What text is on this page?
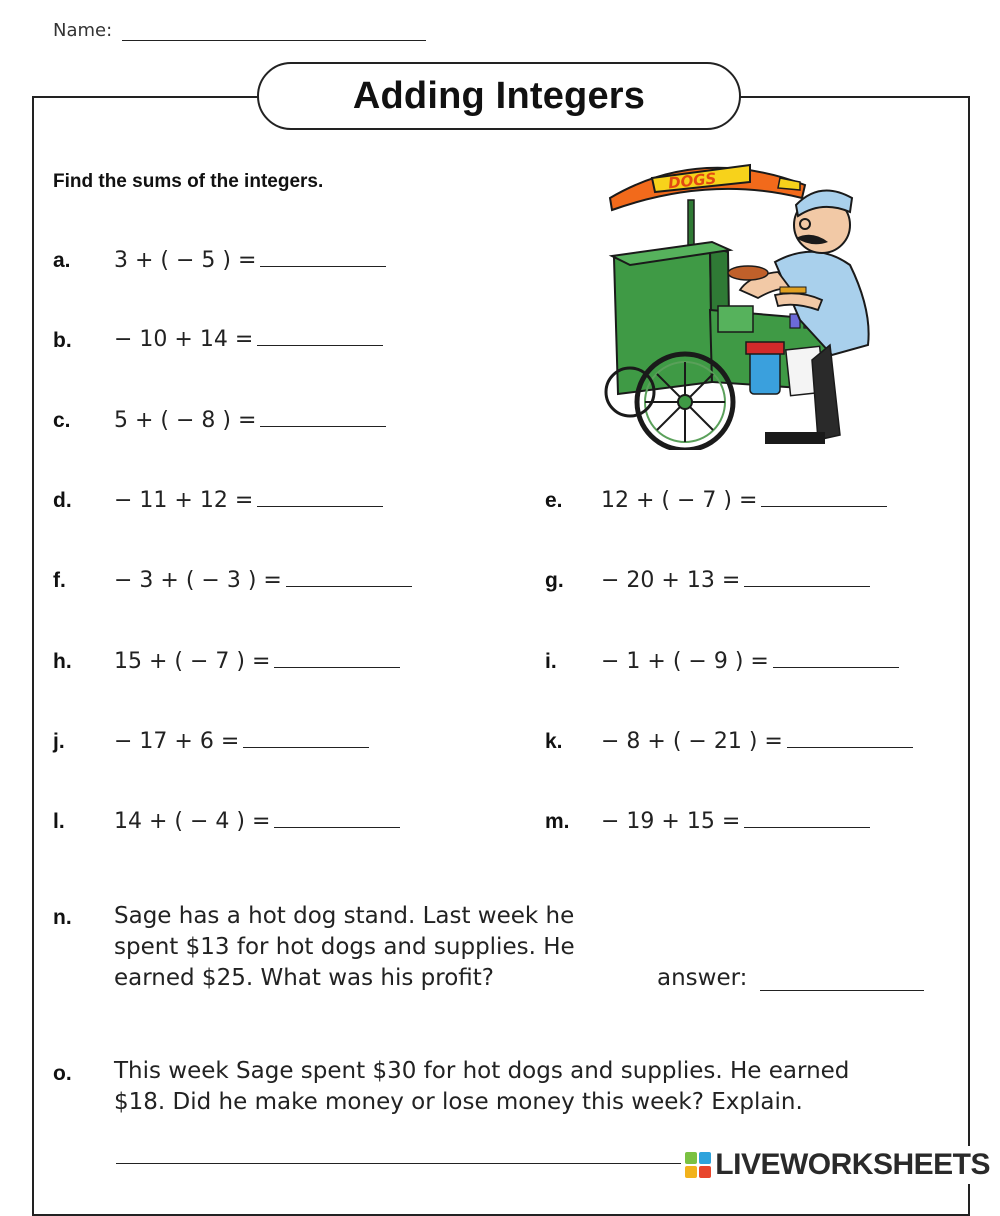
Name:
Adding Integers
Find the sums of the integers.
a. 3 + ( − 5 ) =
b. − 10 + 14 =
c. 5 + ( − 8 ) =
d. − 11 + 12 =	e. 12 + ( − 7 ) =
f. − 3 + ( − 3 ) =	g. − 20 + 13 =
h. 15 + ( − 7 ) =	i. − 1 + ( − 9 ) =
j. − 17 + 6 =	k. − 8 + ( − 21 ) =
l. 14 + ( − 4 ) =	m. − 19 + 15 =
n. Sage has a hot dog stand. Last week he
spent $13 for hot dogs and supplies. He
earned $25. What was his profit?	answer:
o. This week Sage spent $30 for hot dogs and supplies. He earned
$18. Did he make money or lose money this week? Explain.
DOGS
LIVEWORKSHEETS
